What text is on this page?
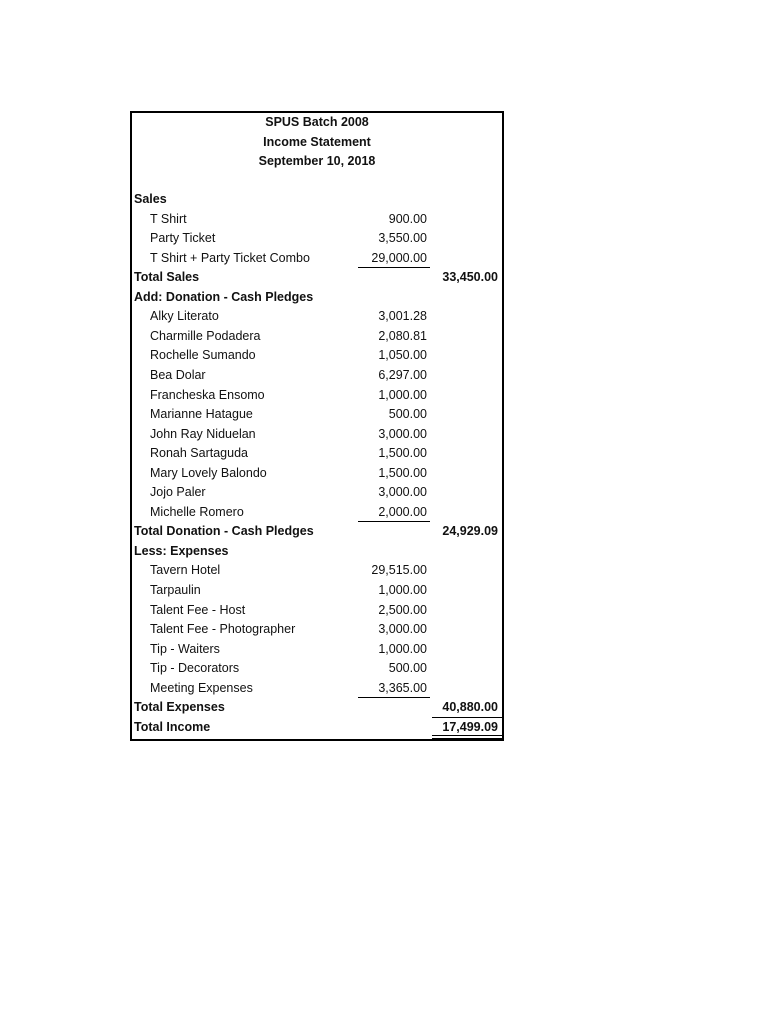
SPUS Batch 2008
Income Statement
September 10, 2018
Sales
T Shirt	900.00
Party Ticket	3,550.00
T Shirt + Party Ticket Combo	29,000.00
Total Sales	33,450.00
Add: Donation - Cash Pledges
Alky Literato	3,001.28
Charmille Podadera	2,080.81
Rochelle Sumando	1,050.00
Bea Dolar	6,297.00
Francheska Ensomo	1,000.00
Marianne Hatague	500.00
John Ray Niduelan	3,000.00
Ronah Sartaguda	1,500.00
Mary Lovely Balondo	1,500.00
Jojo Paler	3,000.00
Michelle Romero	2,000.00
Total Donation - Cash Pledges	24,929.09
Less: Expenses
Tavern Hotel	29,515.00
Tarpaulin	1,000.00
Talent Fee - Host	2,500.00
Talent Fee - Photographer	3,000.00
Tip - Waiters	1,000.00
Tip - Decorators	500.00
Meeting Expenses	3,365.00
Total Expenses	40,880.00
Total Income	17,499.09
